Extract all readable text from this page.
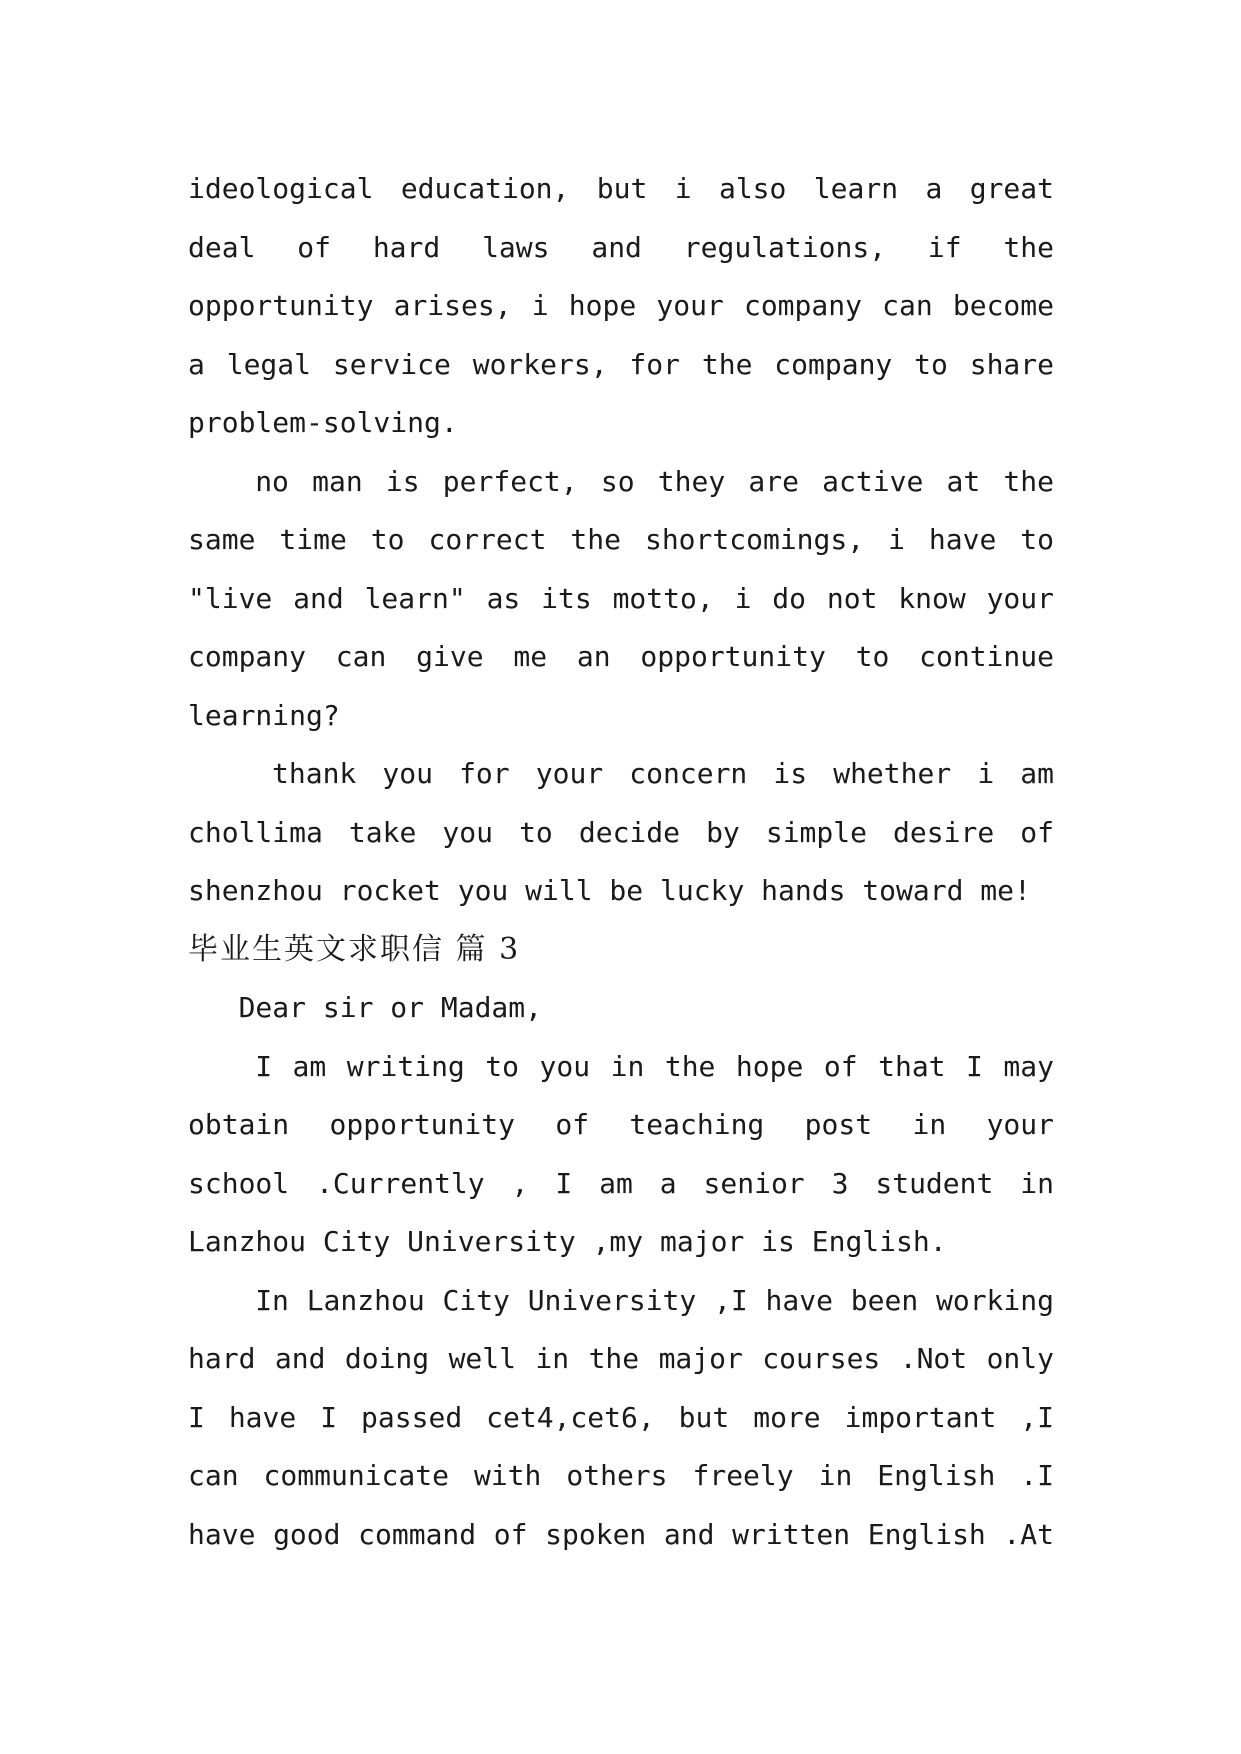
ideological education, but i also learn a great
deal of hard laws and regulations, if the
opportunity arises, i hope your company can become
a legal service workers, for the company to share
problem-solving.
no man is perfect, so they are active at the
same time to correct the shortcomings, i have to
"live and learn" as its motto, i do not know your
company can give me an opportunity to continue
learning?
thank you for your concern is whether i am
chollima take you to decide by simple desire of
shenzhou rocket you will be lucky hands toward me!
毕业生英文求职信 篇 3
Dear sir or Madam,
I am writing to you in the hope of that I may
obtain opportunity of teaching post in your
school .Currently , I am a senior 3 student in
Lanzhou City University ,my major is English.
In Lanzhou City University ,I have been working
hard and doing well in the major courses .Not only
I have I passed cet4,cet6, but more important ,I
can communicate with others freely in English .I
have good command of spoken and written English .At
